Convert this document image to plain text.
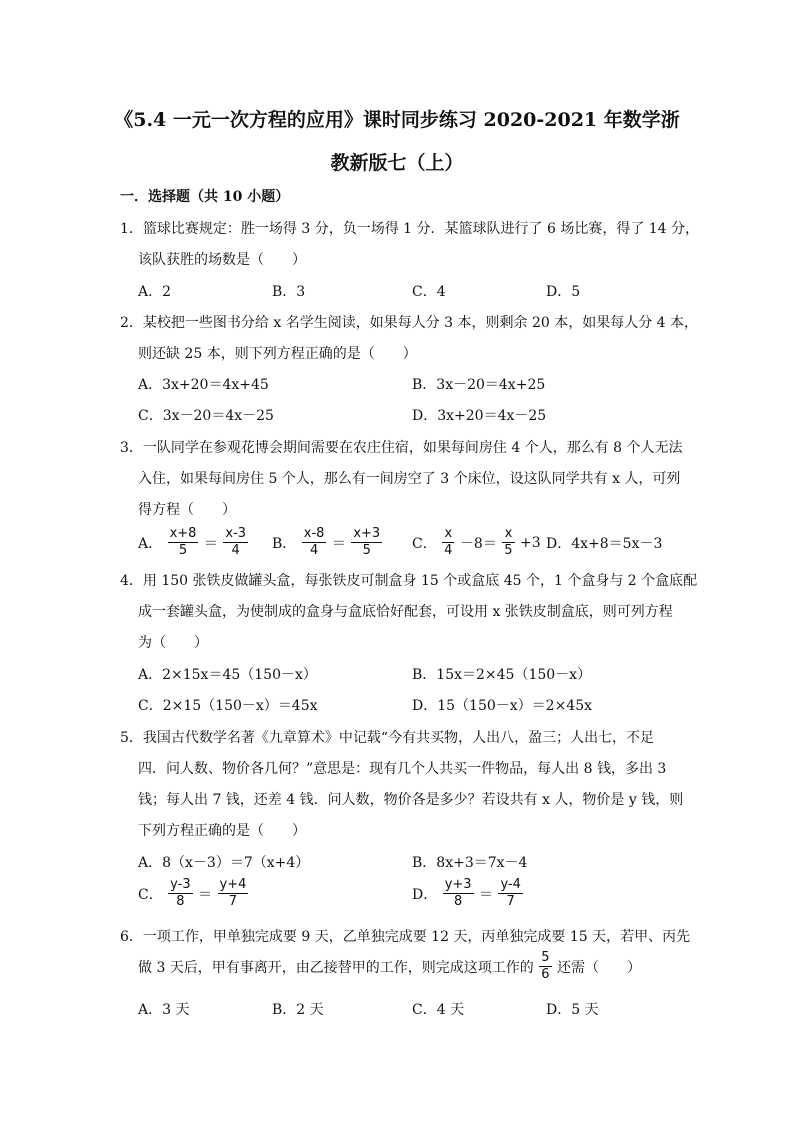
《5.4 一元一次方程的应用》课时同步练习 2020-2021 年数学浙
教新版七（上）
一．选择题（共 10 小题）
1．篮球比赛规定：胜一场得 3 分，负一场得 1 分．某篮球队进行了 6 场比赛，得了 14 分，
该队获胜的场数是（　　）
A．2	B．3	C．4	D．5
2．某校把一些图书分给 x 名学生阅读，如果每人分 3 本，则剩余 20 本，如果每人分 4 本，
则还缺 25 本，则下列方程正确的是（　　）
A．3x+20＝4x+45	B．3x－20＝4x+25
C．3x－20＝4x－25	D．3x+20＝4x－25
3．一队同学在参观花博会期间需要在农庄住宿，如果每间房住 4 个人，那么有 8 个人无法
入住，如果每间房住 5 个人，那么有一间房空了 3 个床位，设这队同学共有 x 人，可列
得方程（　　）
A． $\frac{x+8}{5} = \frac{x-3}{4}$ B． $\frac{x-8}{4} = \frac{x+3}{5}$ C． $\frac{x}{4} -8= \frac{x}{5} +3$ D．4x+8＝5x－3
4．用 150 张铁皮做罐头盒，每张铁皮可制盒身 15 个或盒底 45 个，1 个盒身与 2 个盒底配
成一套罐头盒，为使制成的盒身与盒底恰好配套，可设用 x 张铁皮制盒底，则可列方程
为（　　）
A．2×15x＝45（150－x）	B．15x＝2×45（150－x）
C．2×15（150－x）＝45x	D．15（150－x）＝2×45x
5．我国古代数学名著《九章算术》中记载“今有共买物，人出八，盈三；人出七，不足
四．问人数、物价各几何？”意思是：现有几个人共买一件物品，每人出 8 钱，多出 3
钱；每人出 7 钱，还差 4 钱．问人数，物价各是多少？若设共有 x 人，物价是 y 钱，则
下列方程正确的是（　　）
A．8（x－3）＝7（x+4）	B．8x+3＝7x－4
C． $\frac{y-3}{8} = \frac{y+4}{7}$	D． $\frac{y+3}{8} = \frac{y-4}{7}$
6．一项工作，甲单独完成要 9 天，乙单独完成要 12 天，丙单独完成要 15 天，若甲、丙先
做 3 天后，甲有事离开，由乙接替甲的工作，则完成这项工作的 $\frac{5}{6}$ 还需（　　）
A．3 天	B．2 天	C．4 天	D．5 天
